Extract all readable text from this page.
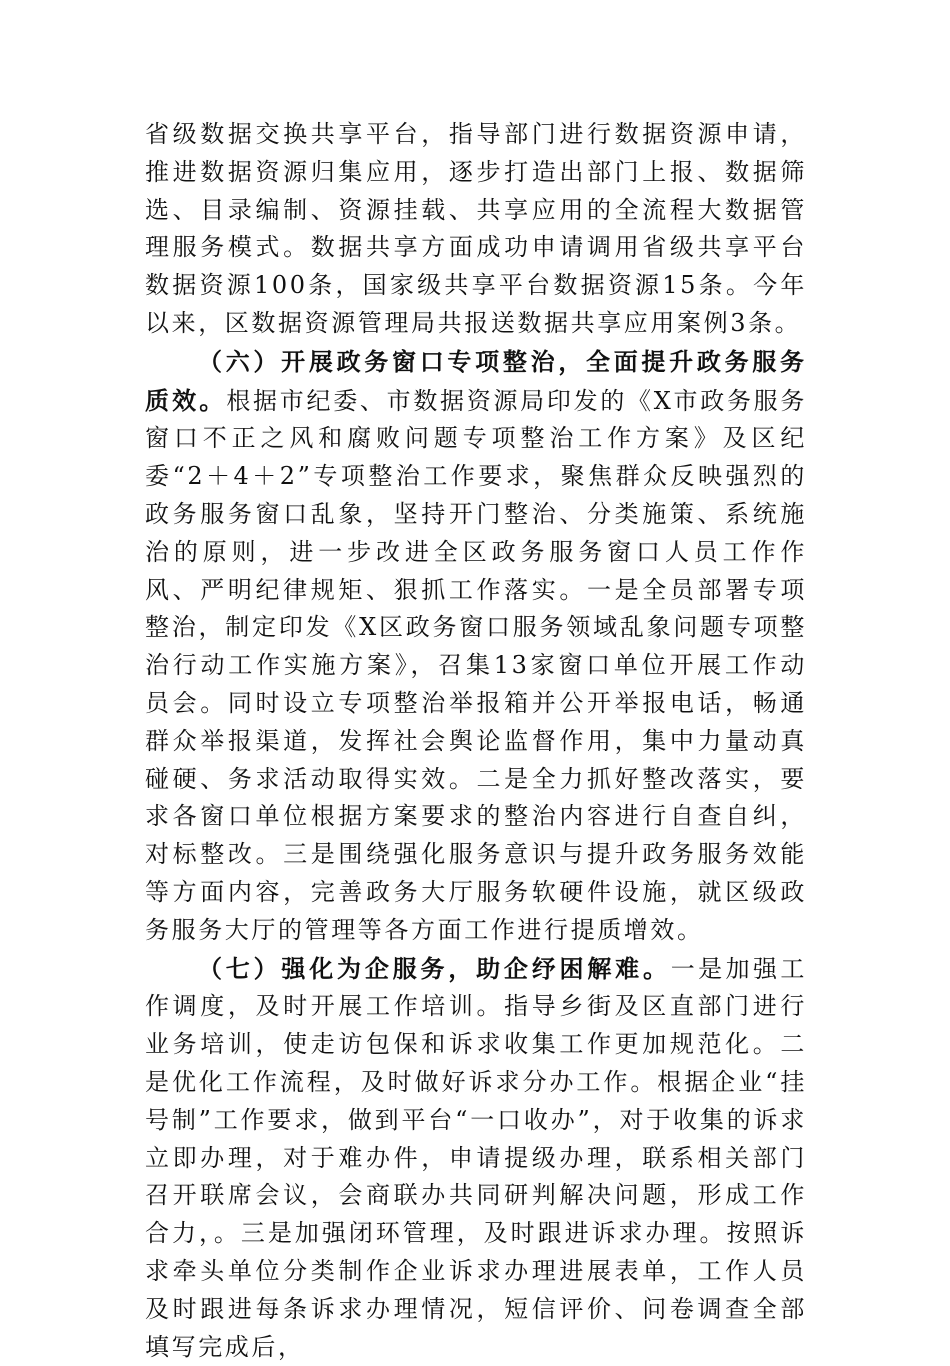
省级数据交换共享平台，指导部门进行数据资源申请，推进数据资源归集应用，逐步打造出部门上报、数据筛选、目录编制、资源挂载、共享应用的全流程大数据管理服务模式。数据共享方面成功申请调用省级共享平台数据资源100条，国家级共享平台数据资源15条。今年以来，区数据资源管理局共报送数据共享应用案例3条。

（六）开展政务窗口专项整治，全面提升政务服务质效。根据市纪委、市数据资源局印发的《X市政务服务窗口不正之风和腐败问题专项整治工作方案》及区纪委“2＋4＋2”专项整治工作要求，聚焦群众反映强烈的政务服务窗口乱象，坚持开门整治、分类施策、系统施治的原则，进一步改进全区政务服务窗口人员工作作风、严明纪律规矩、狠抓工作落实。一是全员部署专项整治，制定印发《X区政务窗口服务领域乱象问题专项整治行动工作实施方案》，召集13家窗口单位开展工作动员会。同时设立专项整治举报箱并公开举报电话，畅通群众举报渠道，发挥社会舆论监督作用，集中力量动真碰硬、务求活动取得实效。二是全力抓好整改落实，要求各窗口单位根据方案要求的整治内容进行自查自纠，对标整改。三是围绕强化服务意识与提升政务服务效能等方面内容，完善政务大厅服务软硬件设施，就区级政务服务大厅的管理等各方面工作进行提质增效。

（七）强化为企服务，助企纾困解难。一是加强工作调度，及时开展工作培训。指导乡街及区直部门进行业务培训，使走访包保和诉求收集工作更加规范化。二是优化工作流程，及时做好诉求分办工作。根据企业“挂号制”工作要求，做到平台“一口收办”，对于收集的诉求立即办理，对于难办件，申请提级办理，联系相关部门召开联席会议，会商联办共同研判解决问题，形成工作合力，。三是加强闭环管理，及时跟进诉求办理。按照诉求牵头单位分类制作企业诉求办理进展表单，工作人员及时跟进每条诉求办理情况，短信评价、问卷调查全部填写完成后，
